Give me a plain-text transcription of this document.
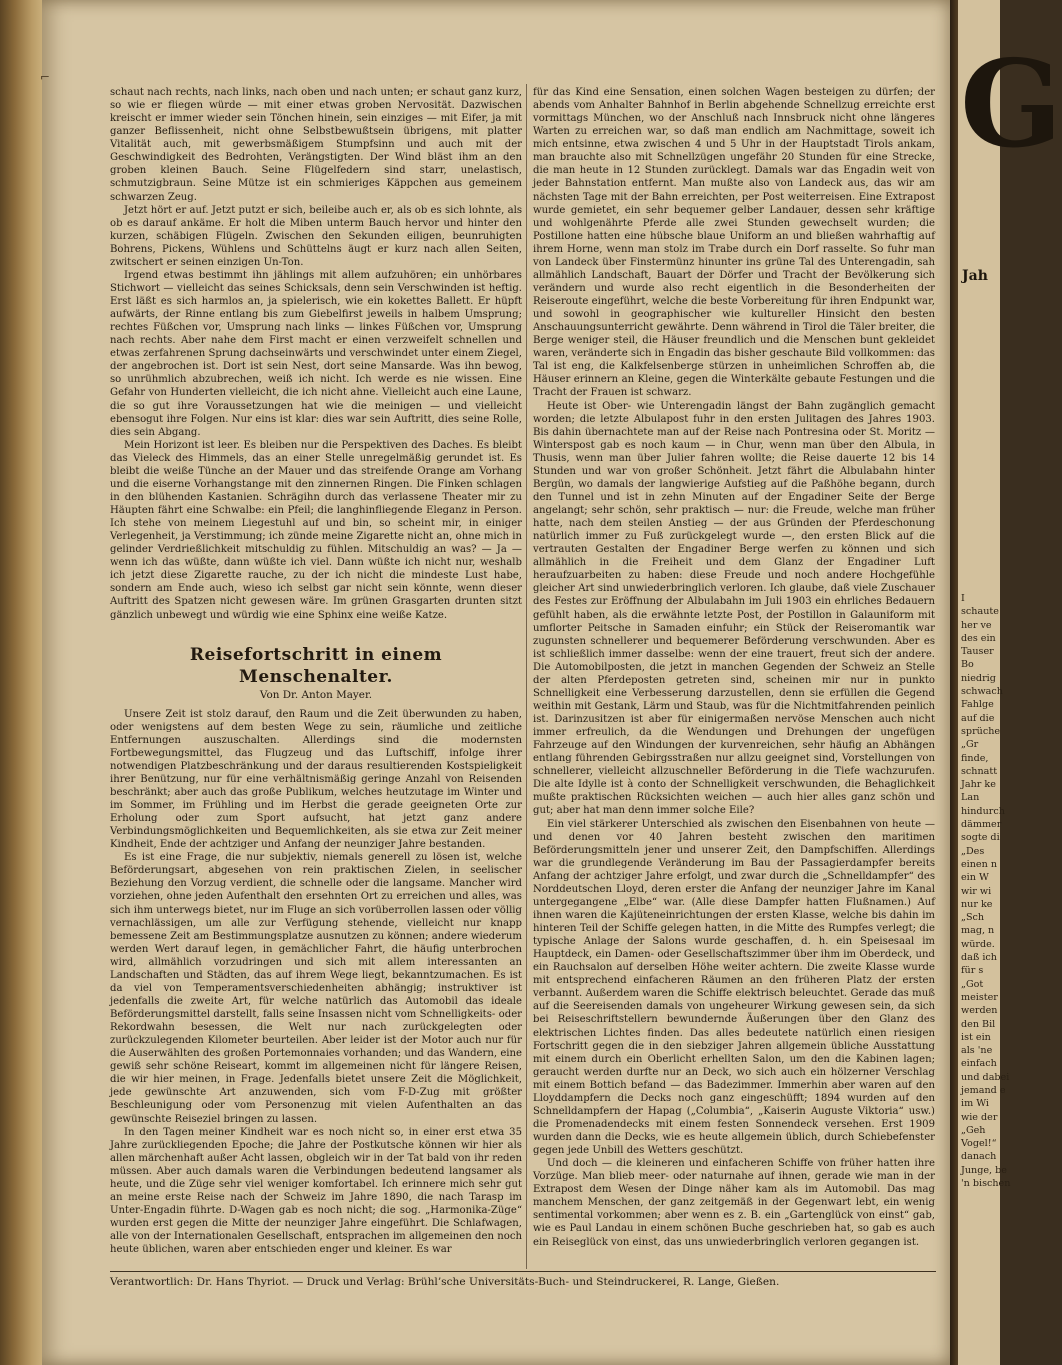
⌐

schaut nach rechts, nach links, nach oben und nach unten; er schaut ganz kurz, so wie er fliegen würde — mit einer etwas groben Nervosität. Dazwischen kreischt er immer wieder sein Tönchen hinein, sein einziges — mit Eifer, ja mit ganzer Beflissenheit, nicht ohne Selbstbewußtsein übrigens, mit platter Vitalität auch, mit gewerbsmäßigem Stumpfsinn und auch mit der Geschwindigkeit des Bedrohten, Verängstigten. Der Wind bläst ihm an den groben kleinen Bauch. Seine Flügelfedern sind starr, unelastisch, schmutzigbraun. Seine Mütze ist ein schmieriges Käppchen aus gemeinem schwarzen Zeug.

Jetzt hört er auf. Jetzt putzt er sich, beileibe auch er, als ob es sich lohnte, als ob es darauf ankäme. Er holt die Miben unterm Bauch hervor und hinter den kurzen, schäbigen Flügeln. Zwischen den Sekunden eiligen, beunruhigten Bohrens, Pickens, Wühlens und Schüttelns äugt er kurz nach allen Seiten, zwitschert er seinen einzigen Un-Ton.

Irgend etwas bestimmt ihn jählings mit allem aufzuhören; ein unhörbares Stichwort — vielleicht das seines Schicksals, denn sein Verschwinden ist heftig. Erst läßt es sich harmlos an, ja spielerisch, wie ein kokettes Ballett. Er hüpft aufwärts, der Rinne entlang bis zum Giebelfirst jeweils in halbem Umsprung; rechtes Füßchen vor, Umsprung nach links — linkes Füßchen vor, Umsprung nach rechts. Aber nahe dem First macht er einen verzweifelt schnellen und etwas zerfahrenen Sprung dachseinwärts und verschwindet unter einem Ziegel, der angebrochen ist. Dort ist sein Nest, dort seine Mansarde. Was ihn bewog, so unrühmlich abzubrechen, weiß ich nicht. Ich werde es nie wissen. Eine Gefahr von Hunderten vielleicht, die ich nicht ahne. Vielleicht auch eine Laune, die so gut ihre Voraussetzungen hat wie die meinigen — und vielleicht ebensogut ihre Folgen. Nur eins ist klar: dies war sein Auftritt, dies seine Rolle, dies sein Abgang.

Mein Horizont ist leer. Es bleiben nur die Perspektiven des Daches. Es bleibt das Vieleck des Himmels, das an einer Stelle unregelmäßig gerundet ist. Es bleibt die weiße Tünche an der Mauer und das streifende Orange am Vorhang und die eiserne Vorhangstange mit den zinnernen Ringen. Die Finken schlagen in den blühenden Kastanien. Schrägihn durch das verlassene Theater mir zu Häupten fährt eine Schwalbe: ein Pfeil; die langhinfliegende Eleganz in Person. Ich stehe von meinem Liegestuhl auf und bin, so scheint mir, in einiger Verlegenheit, ja Verstimmung; ich zünde meine Zigarette nicht an, ohne mich in gelinder Verdrießlichkeit mitschuldig zu fühlen. Mitschuldig an was? — Ja — wenn ich das wüßte, dann wüßte ich viel. Dann wüßte ich nicht nur, weshalb ich jetzt diese Zigarette rauche, zu der ich nicht die mindeste Lust habe, sondern am Ende auch, wieso ich selbst gar nicht sein könnte, wenn dieser Auftritt des Spatzen nicht gewesen wäre. Im grünen Grasgarten drunten sitzt gänzlich unbewegt und würdig wie eine Sphinx eine weiße Katze.

Reisefortschritt in einem Menschenalter.
Von Dr. Anton Mayer.

Unsere Zeit ist stolz darauf, den Raum und die Zeit überwunden zu haben, oder wenigstens auf dem besten Wege zu sein, räumliche und zeitliche Entfernungen auszuschalten. Allerdings sind die modernsten Fortbewegungsmittel, das Flugzeug und das Luftschiff, infolge ihrer notwendigen Platzbeschränkung und der daraus resultierenden Kostspieligkeit ihrer Benützung, nur für eine verhältnismäßig geringe Anzahl von Reisenden beschränkt; aber auch das große Publikum, welches heutzutage im Winter und im Sommer, im Frühling und im Herbst die gerade geeigneten Orte zur Erholung oder zum Sport aufsucht, hat jetzt ganz andere Verbindungsmöglichkeiten und Bequemlichkeiten, als sie etwa zur Zeit meiner Kindheit, Ende der achtziger und Anfang der neunziger Jahre bestanden.

Es ist eine Frage, die nur subjektiv, niemals generell zu lösen ist, welche Beförderungsart, abgesehen von rein praktischen Zielen, in seelischer Beziehung den Vorzug verdient, die schnelle oder die langsame. Mancher wird vorziehen, ohne jeden Aufenthalt den ersehnten Ort zu erreichen und alles, was sich ihm unterwegs bietet, nur im Fluge an sich vorüberrollen lassen oder völlig vernachlässigen, um alle zur Verfügung stehende, vielleicht nur knapp bemessene Zeit am Bestimmungsplatze ausnutzen zu können; andere wiederum werden Wert darauf legen, in gemächlicher Fahrt, die häufig unterbrochen wird, allmählich vorzudringen und sich mit allem interessanten an Landschaften und Städten, das auf ihrem Wege liegt, bekanntzumachen. Es ist da viel von Temperamentsverschiedenheiten abhängig; instruktiver ist jedenfalls die zweite Art, für welche natürlich das Automobil das ideale Beförderungsmittel darstellt, falls seine Insassen nicht vom Schnelligkeits- oder Rekordwahn besessen, die Welt nur nach zurückgelegten oder zurückzulegenden Kilometer beurteilen. Aber leider ist der Motor auch nur für die Auserwählten des großen Portemonnaies vorhanden; und das Wandern, eine gewiß sehr schöne Reiseart, kommt im allgemeinen nicht für längere Reisen, die wir hier meinen, in Frage. Jedenfalls bietet unsere Zeit die Möglichkeit, jede gewünschte Art anzuwenden, sich vom F-D-Zug mit größter Beschleunigung oder vom Personenzug mit vielen Aufenthalten an das gewünschte Reiseziel bringen zu lassen.

In den Tagen meiner Kindheit war es noch nicht so, in einer erst etwa 35 Jahre zurückliegenden Epoche; die Jahre der Postkutsche können wir hier als allen märchenhaft außer Acht lassen, obgleich wir in der Tat bald von ihr reden müssen. Aber auch damals waren die Verbindungen bedeutend langsamer als heute, und die Züge sehr viel weniger komfortabel. Ich erinnere mich sehr gut an meine erste Reise nach der Schweiz im Jahre 1890, die nach Tarasp im Unter-Engadin führte. D-Wagen gab es noch nicht; die sog. „Harmonika-Züge“ wurden erst gegen die Mitte der neunziger Jahre eingeführt. Die Schlafwagen, alle von der Internationalen Gesellschaft, entsprachen im allgemeinen den noch heute üblichen, waren aber entschieden enger und kleiner. Es war

für das Kind eine Sensation, einen solchen Wagen besteigen zu dürfen; der abends vom Anhalter Bahnhof in Berlin abgehende Schnellzug erreichte erst vormittags München, wo der Anschluß nach Innsbruck nicht ohne längeres Warten zu erreichen war, so daß man endlich am Nachmittage, soweit ich mich entsinne, etwa zwischen 4 und 5 Uhr in der Hauptstadt Tirols ankam, man brauchte also mit Schnellzügen ungefähr 20 Stunden für eine Strecke, die man heute in 12 Stunden zurücklegt. Damals war das Engadin weit von jeder Bahnstation entfernt. Man mußte also von Landeck aus, das wir am nächsten Tage mit der Bahn erreichten, per Post weiterreisen. Eine Extrapost wurde gemietet, ein sehr bequemer gelber Landauer, dessen sehr kräftige und wohlgenährte Pferde alle zwei Stunden gewechselt wurden; die Postillone hatten eine hübsche blaue Uniform an und bließen wahrhaftig auf ihrem Horne, wenn man stolz im Trabe durch ein Dorf rasselte. So fuhr man von Landeck über Finstermünz hinunter ins grüne Tal des Unterengadin, sah allmählich Landschaft, Bauart der Dörfer und Tracht der Bevölkerung sich verändern und wurde also recht eigentlich in die Besonderheiten der Reiseroute eingeführt, welche die beste Vorbereitung für ihren Endpunkt war, und sowohl in geographischer wie kultureller Hinsicht den besten Anschauungsunterricht gewährte. Denn während in Tirol die Täler breiter, die Berge weniger steil, die Häuser freundlich und die Menschen bunt gekleidet waren, veränderte sich in Engadin das bisher geschaute Bild vollkommen: das Tal ist eng, die Kalkfelsenberge stürzen in unheimlichen Schroffen ab, die Häuser erinnern an Kleine, gegen die Winterkälte gebaute Festungen und die Tracht der Frauen ist schwarz.

Heute ist Ober- wie Unterengadin längst der Bahn zugänglich gemacht worden; die letzte Albulapost fuhr in den ersten Julitagen des Jahres 1903. Bis dahin übernachtete man auf der Reise nach Pontresina oder St. Moritz — Winterspost gab es noch kaum — in Chur, wenn man über den Albula, in Thusis, wenn man über Julier fahren wollte; die Reise dauerte 12 bis 14 Stunden und war von großer Schönheit. Jetzt fährt die Albulabahn hinter Bergün, wo damals der langwierige Aufstieg auf die Paßhöhe begann, durch den Tunnel und ist in zehn Minuten auf der Engadiner Seite der Berge angelangt; sehr schön, sehr praktisch — nur: die Freude, welche man früher hatte, nach dem steilen Anstieg — der aus Gründen der Pferdeschonung natürlich immer zu Fuß zurückgelegt wurde —, den ersten Blick auf die vertrauten Gestalten der Engadiner Berge werfen zu können und sich allmählich in die Freiheit und dem Glanz der Engadiner Luft heraufzuarbeiten zu haben: diese Freude und noch andere Hochgefühle gleicher Art sind unwiederbringlich verloren. Ich glaube, daß viele Zuschauer des Festes zur Eröffnung der Albulabahn im Juli 1903 ein ehrliches Bedauern gefühlt haben, als die erwähnte letzte Post, der Postillon in Galauniform mit umflorter Peitsche in Samaden einfuhr; ein Stück der Reiseromantik war zugunsten schnellerer und bequemerer Beförderung verschwunden. Aber es ist schließlich immer dasselbe: wenn der eine trauert, freut sich der andere. Die Automobilposten, die jetzt in manchen Gegenden der Schweiz an Stelle der alten Pferdeposten getreten sind, scheinen mir nur in punkto Schnelligkeit eine Verbesserung darzustellen, denn sie erfüllen die Gegend weithin mit Gestank, Lärm und Staub, was für die Nichtmitfahrenden peinlich ist. Darinzusitzen ist aber für einigermaßen nervöse Menschen auch nicht immer erfreulich, da die Wendungen und Drehungen der ungefügen Fahrzeuge auf den Windungen der kurvenreichen, sehr häufig an Abhängen entlang führenden Gebirgsstraßen nur allzu geeignet sind, Vorstellungen von schnellerer, vielleicht allzuschneller Beförderung in die Tiefe wachzurufen. Die alte Idylle ist à conto der Schnelligkeit verschwunden, die Behaglichkeit mußte praktischen Rücksichten weichen — auch hier alles ganz schön und gut; aber hat man denn immer solche Eile?

Ein viel stärkerer Unterschied als zwischen den Eisenbahnen von heute — und denen vor 40 Jahren besteht zwischen den maritimen Beförderungsmitteln jener und unserer Zeit, den Dampfschiffen. Allerdings war die grundlegende Veränderung im Bau der Passagierdampfer bereits Anfang der achtziger Jahre erfolgt, und zwar durch die „Schnelldampfer“ des Norddeutschen Lloyd, deren erster die Anfang der neunziger Jahre im Kanal untergegangene „Elbe“ war. (Alle diese Dampfer hatten Flußnamen.) Auf ihnen waren die Kajüteneinrichtungen der ersten Klasse, welche bis dahin im hinteren Teil der Schiffe gelegen hatten, in die Mitte des Rumpfes verlegt; die typische Anlage der Salons wurde geschaffen, d. h. ein Speisesaal im Hauptdeck, ein Damen- oder Gesellschaftszimmer über ihm im Oberdeck, und ein Rauchsalon auf derselben Höhe weiter achtern. Die zweite Klasse wurde mit entsprechend einfacheren Räumen an den früheren Platz der ersten verbannt. Außerdem waren die Schiffe elektrisch beleuchtet. Gerade das muß auf die Seereisenden damals von ungeheurer Wirkung gewesen sein, da sich bei Reiseschriftstellern bewundernde Äußerungen über den Glanz des elektrischen Lichtes finden. Das alles bedeutete natürlich einen riesigen Fortschritt gegen die in den siebziger Jahren allgemein übliche Ausstattung mit einem durch ein Oberlicht erhellten Salon, um den die Kabinen lagen; geraucht werden durfte nur an Deck, wo sich auch ein hölzerner Verschlag mit einem Bottich befand — das Badezimmer. Immerhin aber waren auf den Lloyddampfern die Decks noch ganz eingeschüfft; 1894 wurden auf den Schnelldampfern der Hapag („Columbia“, „Kaiserin Auguste Viktoria“ usw.) die Promenadendecks mit einem festen Sonnendeck versehen. Erst 1909 wurden dann die Decks, wie es heute allgemein üblich, durch Schiebefenster gegen jede Unbill des Wetters geschützt.

Und doch — die kleineren und einfacheren Schiffe von früher hatten ihre Vorzüge. Man blieb meer- oder naturnahe auf ihnen, gerade wie man in der Extrapost dem Wesen der Dinge näher kam als im Automobil. Das mag manchem Menschen, der ganz zeitgemäß in der Gegenwart lebt, ein wenig sentimental vorkommen; aber wenn es z. B. ein „Gartenglück von einst“ gab, wie es Paul Landau in einem schönen Buche geschrieben hat, so gab es auch ein Reiseglück von einst, das uns unwiederbringlich verloren gegangen ist.

Verantwortlich: Dr. Hans Thyriot. — Druck und Verlag: Brühl’sche Universitäts-Buch- und Steindruckerei, R. Lange, Gießen.
G
Jah
I
schaute
her ve
des ein
Tauser
Bo
niedrig
schwach
Fahlge
auf die
sprüche
„Gr
finde,
schnatt
Jahr ke
Lan
hindurch
dämmer
sogte di
„Des
einen n
ein W
wir wi
nur ke
„Sch
mag, n
würde.
daß ich
für s
„Got
meister
werden
den Bil
ist ein
als 'ne
einfach
und dabei
jemand e
im Wi
wie der
„Geh
Vogel!“
danach
Junge, be
'n bischen
